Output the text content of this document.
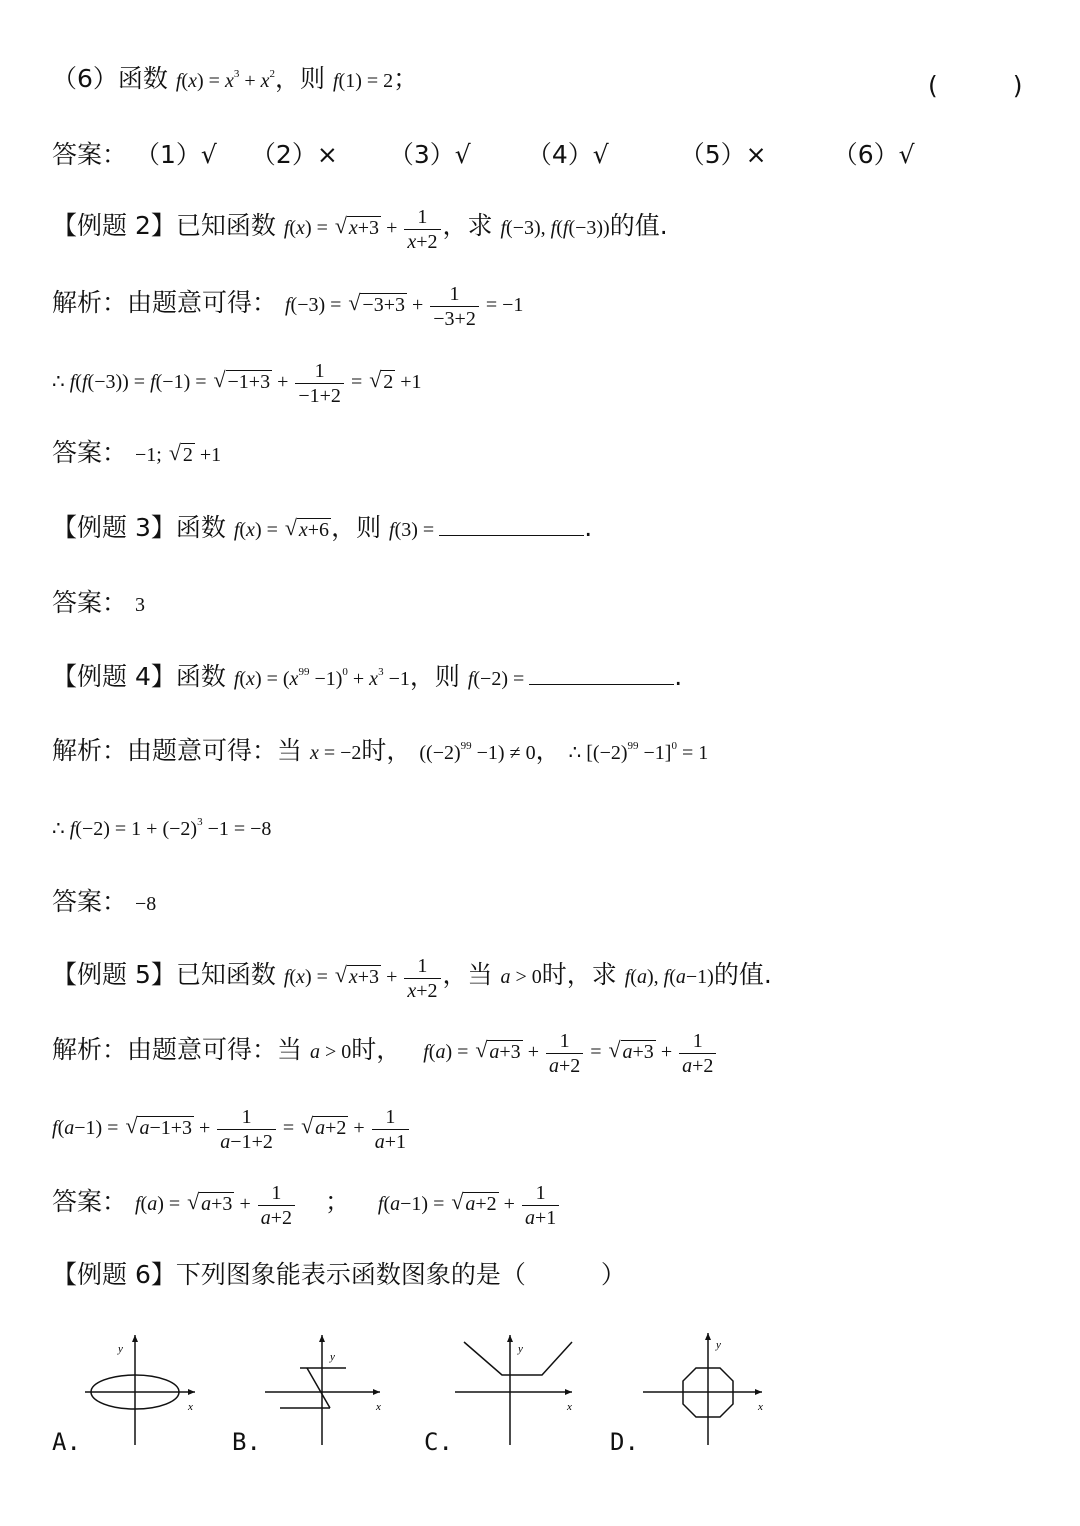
（6）函数 $f(x) = x^3 + x^2$，则 f(1) = 2；	(　　　)
答案： （1）√ （2）× （3）√ （4）√	（5）×	（6）√
【例题 2】已知函数 f(x) = √ $x+3 + \frac{1}{x+2}$ ，求 f(−3), f(f(−3))的值.
解析：由题意可得： f(−3) = √ $-3+3 + \frac{1}{-3+2} = -1$
∴ f(f(−3)) = f(−1) = √ $-1+3 + \frac{1}{-1+2}$ = √ 2 +1
答案： −1; √ 2 +1
【例题 3】函数 f(x) = √ x+6，则 f(3) =	.
答案： 3
【例题 4】函数 $f(x) = (x^{99} -1)^0 + x^3 -1$，则 f(−2) =	.
解析：由题意可得：当 x = −2时， $((-2)^{99} -1) \ne 0$， ∴ $[(-2)^{99} -1]^0 = 1$
∴ $f(-2) = 1 + (-2)^3 -1 = -8$
答案： −8
【例题 5】已知函数 f(x) = √ $x+3 + \frac{1}{x+2}$ ，当 a > 0时，求 f(a), f(a−1)的值.
解析：由题意可得：当 a > 0时， f(a) = √ $a+3 + \frac{1}{a+2}$ = √ $a+3 + \frac{1}{a+2}$
f(a−1) = √ $a-1+3 + \frac{1}{a-1+2}$ = √ $a+2 + \frac{1}{a+1}$
答案： f(a) = √ $a+3 + \frac{1}{a+2}$ ； f(a−1) = √ $a+2 + \frac{1}{a+1}$
【例题 6】下列图象能表示函数图象的是（　　　）
y
x
y
x
y
x
y
x
A.	B.	C.	D.
